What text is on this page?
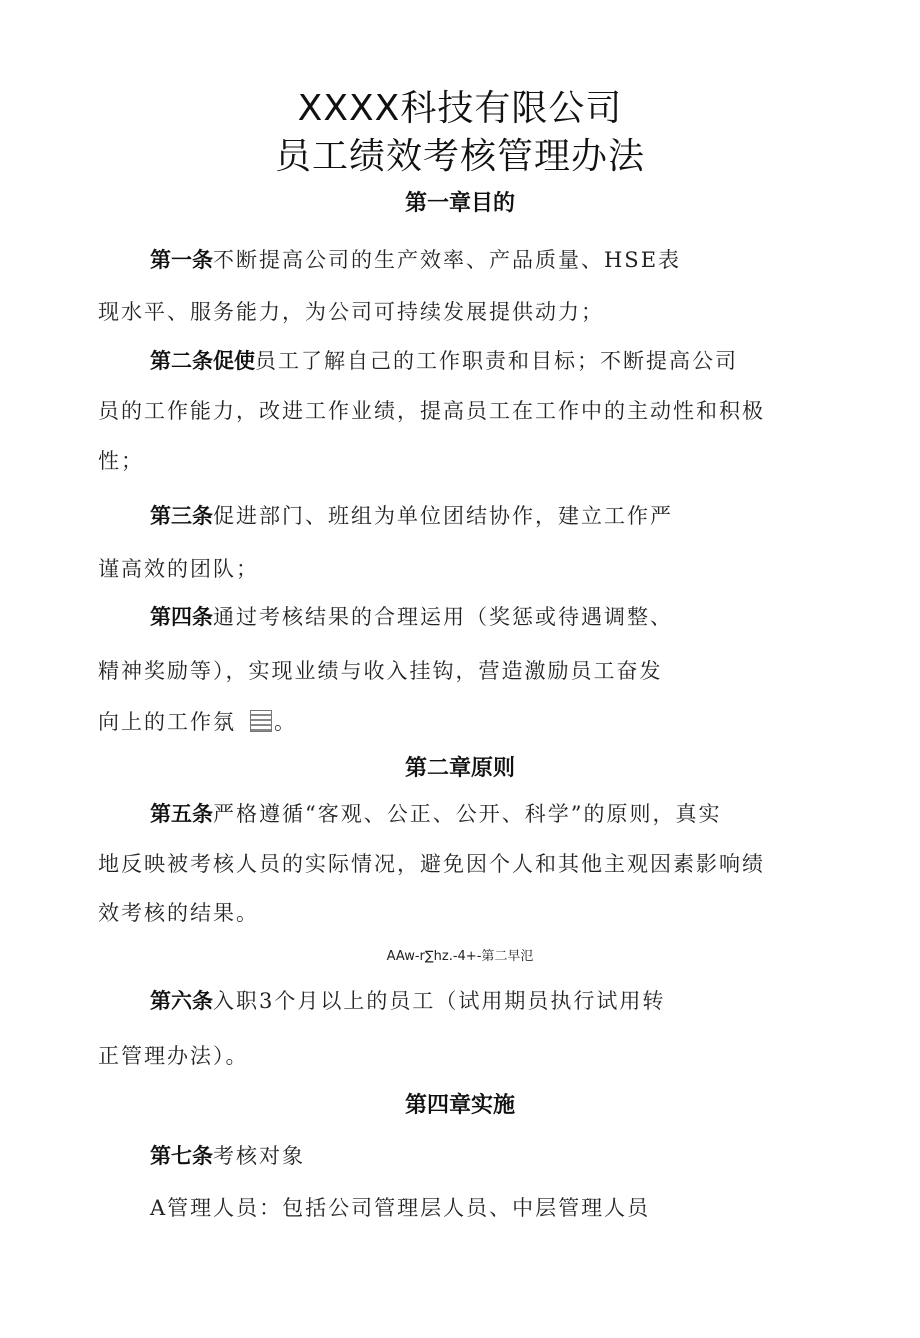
XXXX科技有限公司
员工绩效考核管理办法
第一章目的
第一条不断提高公司的生产效率、产品质量、HSE表
现水平、服务能力，为公司可持续发展提供动力；
第二条促使员工了解自己的工作职责和目标；不断提高公司
员的工作能力，改进工作业绩，提高员工在工作中的主动性和积极
性；
第三条促进部门、班组为单位团结协作，建立工作严
谨高效的团队；
第四条通过考核结果的合理运用（奖惩或待遇调整、
精神奖励等），实现业绩与收入挂钩，营造激励员工奋发
向上的工作氛 。
第二章原则
第五条严格遵循“客观、公正、公开、科学”的原则，真实
地反映被考核人员的实际情况，避免因个人和其他主观因素影响绩
效考核的结果。
AAw-r∑hz.-4+-第二早氾
第六条入职3个月以上的员工（试用期员执行试用转
正管理办法）。
第四章实施
第七条考核对象
A管理人员：包括公司管理层人员、中层管理人员
